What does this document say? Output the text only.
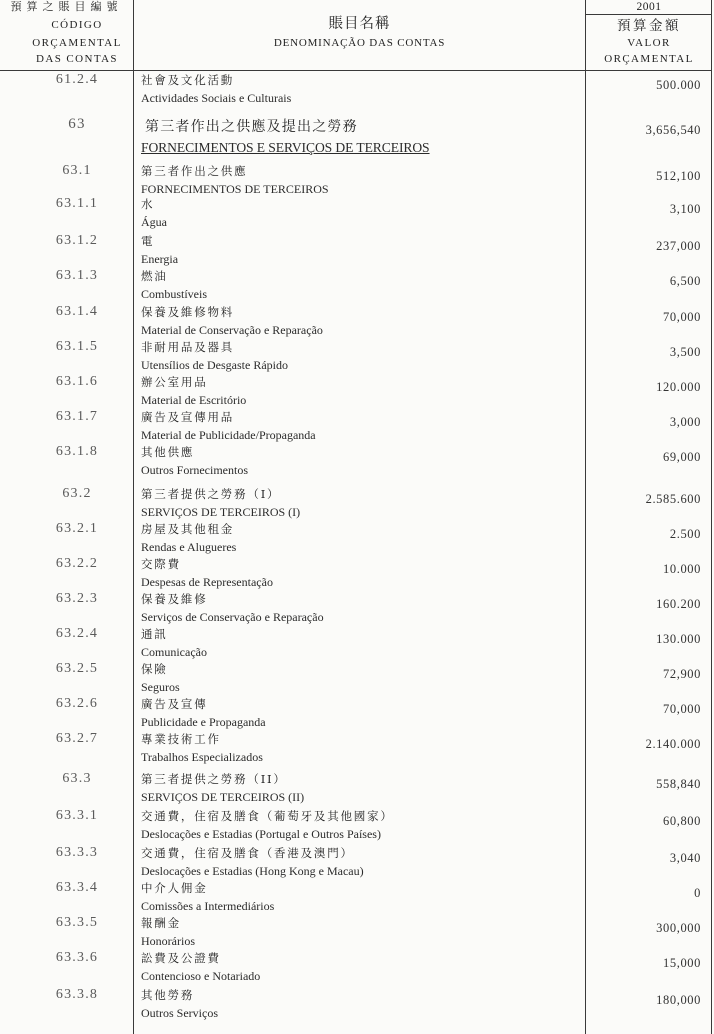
預算之賬目編號
CÓDIGO
ORÇAMENTAL
DAS CONTAS
賬目名稱
DENOMINAÇÃO DAS CONTAS
2001
預算金額
VALOR
ORÇAMENTAL
61.2.4	社會及文化活動
Actividades Sociais e Culturais
500.000
63	第三者作出之供應及提出之勞務
FORNECIMENTOS E SERVIÇOS DE TERCEIROS
3,656,540
63.1	第三者作出之供應
FORNECIMENTOS DE TERCEIROS
512,100
63.1.1	水
Água
3,100
63.1.2	電
Energia
237,000
63.1.3	燃油
Combustíveis
6,500
63.1.4	保養及維修物料
Material de Conservação e Reparação
70,000
63.1.5	非耐用品及器具
Utensílios de Desgaste Rápido
3,500
63.1.6	辦公室用品
Material de Escritório
120.000
63.1.7	廣告及宣傳用品
Material de Publicidade/Propaganda
3,000
63.1.8	其他供應
Outros Fornecimentos
69,000
63.2	第三者提供之勞務（I）
SERVIÇOS DE TERCEIROS (I)
2.585.600
63.2.1	房屋及其他租金
Rendas e Alugueres
2.500
63.2.2	交際費
Despesas de Representação
10.000
63.2.3	保養及維修
Serviços de Conservação e Reparação
160.200
63.2.4	通訊
Comunicação
130.000
63.2.5	保險
Seguros
72,900
63.2.6	廣告及宣傳
Publicidade e Propaganda
70,000
63.2.7	專業技術工作
Trabalhos Especializados
2.140.000
63.3	第三者提供之勞務（II）
SERVIÇOS DE TERCEIROS (II)
558,840
63.3.1	交通費，住宿及膳食（葡萄牙及其他國家）
Deslocações e Estadias (Portugal e Outros Países)
60,800
63.3.3	交通費，住宿及膳食（香港及澳門）
Deslocações e Estadias (Hong Kong e Macau)
3,040
63.3.4	中介人佣金
Comissões a Intermediários
0
63.3.5	報酬金
Honorários
300,000
63.3.6	訟費及公證費
Contencioso e Notariado
15,000
63.3.8	其他勞務
Outros Serviços
180,000
